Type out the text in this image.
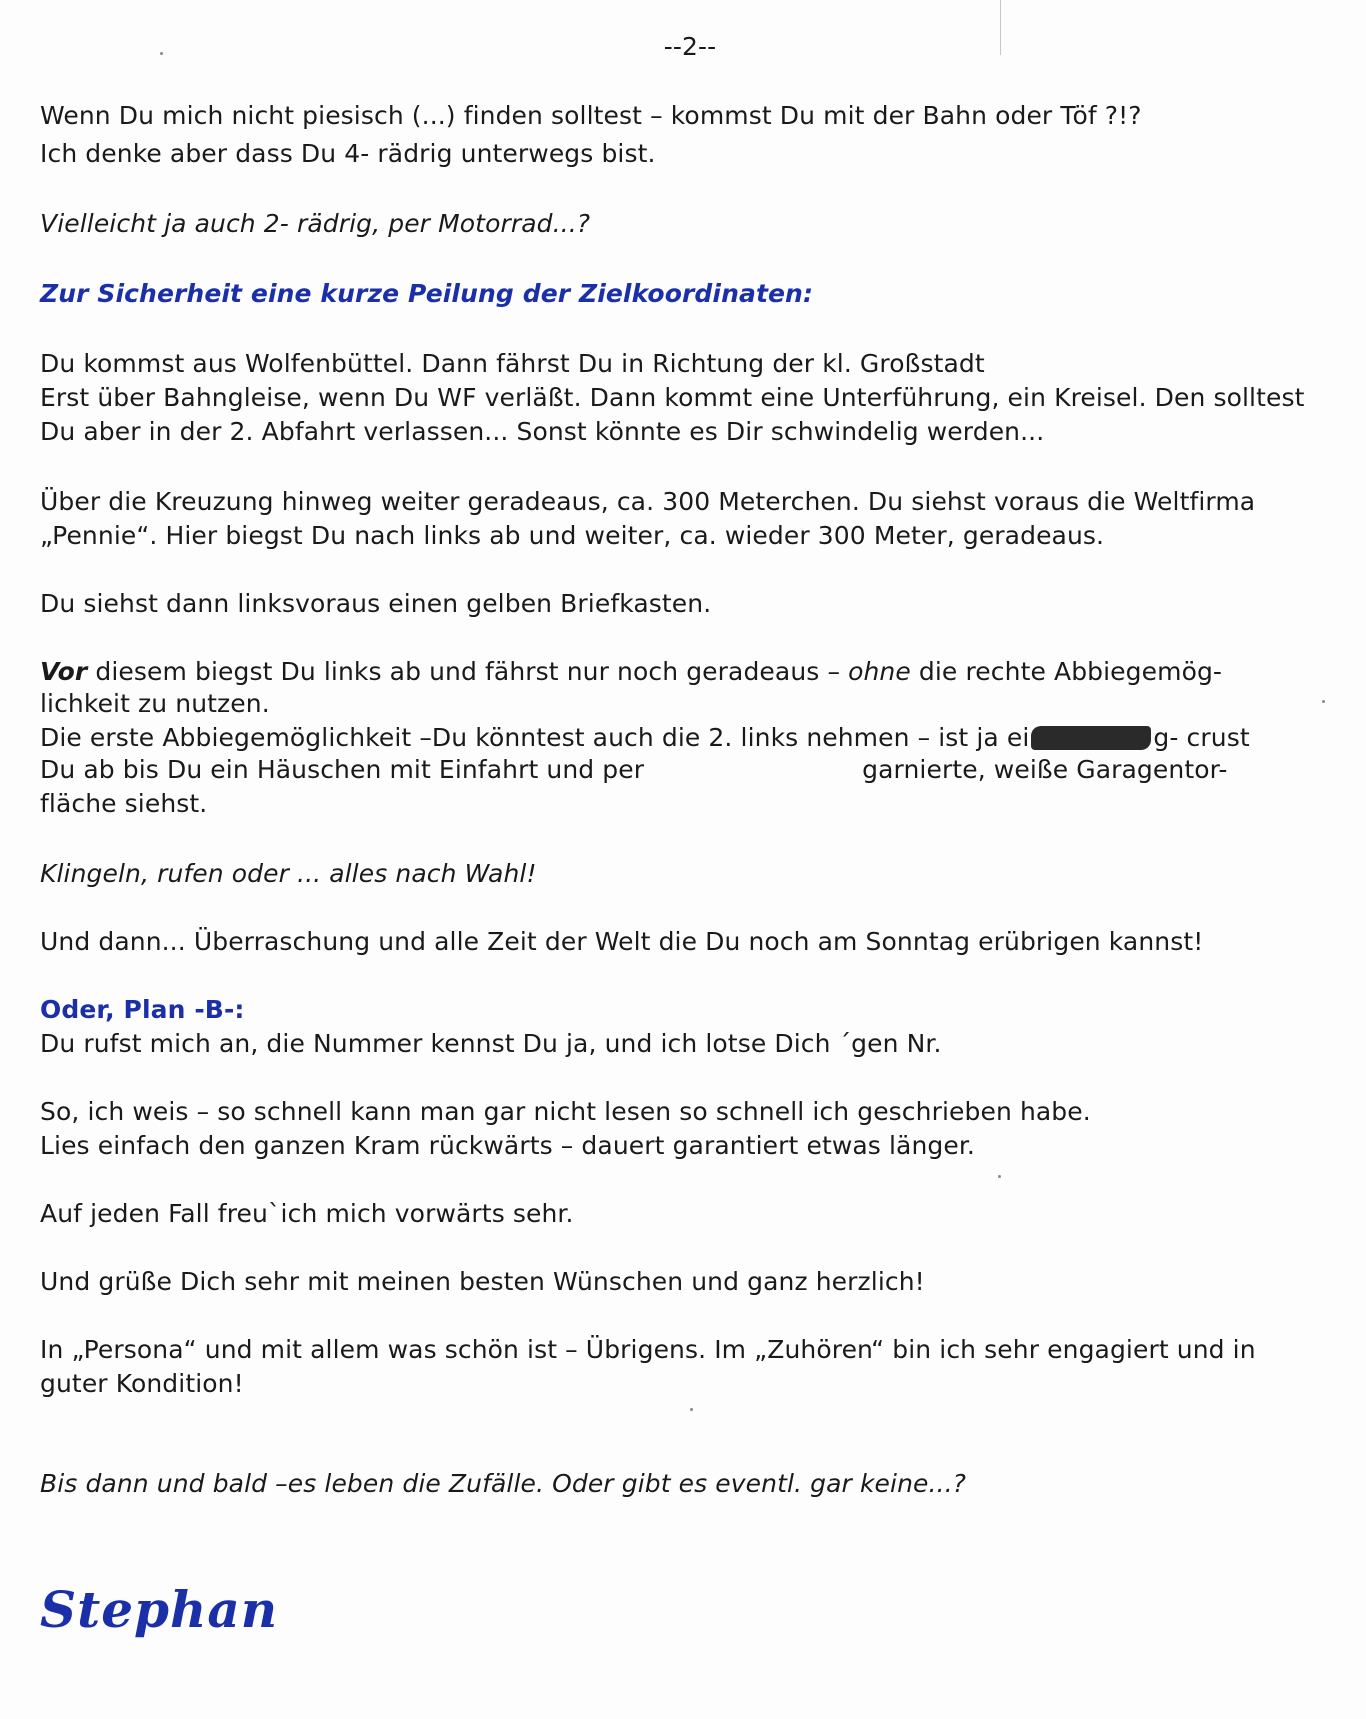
--2--
Wenn Du mich nicht piesisch (...) finden solltest – kommst Du mit der Bahn oder Töf ?!?
Ich denke aber dass Du 4- rädrig unterwegs bist.
Vielleicht ja auch 2- rädrig, per Motorrad...?
Zur Sicherheit eine kurze Peilung der Zielkoordinaten:
Du kommst aus Wolfenbüttel. Dann fährst Du in Richtung der kl. Großstadt
Erst über Bahngleise, wenn Du WF verläßt. Dann kommt eine Unterführung, ein Kreisel. Den solltest
Du aber in der 2. Abfahrt verlassen... Sonst könnte es Dir schwindelig werden...
Über die Kreuzung hinweg weiter geradeaus, ca. 300 Meterchen. Du siehst voraus die Weltfirma
„Pennie“. Hier biegst Du nach links ab und weiter, ca. wieder 300 Meter, geradeaus.
Du siehst dann linksvoraus einen gelben Briefkasten.
Vor diesem biegst Du links ab und fährst nur noch geradeaus – ohne die rechte Abbiegemög-
lichkeit zu nutzen.
Die erste Abbiegemöglichkeit –Du könntest auch die 2. links nehmen – ist ja ei	g- crust
Du ab bis Du ein Häuschen mit Einfahrt und per	garnierte, weiße Garagentor-
fläche siehst.
Klingeln, rufen oder ... alles nach Wahl!
Und dann... Überraschung und alle Zeit der Welt die Du noch am Sonntag erübrigen kannst!
Oder, Plan -B-:
Du rufst mich an, die Nummer kennst Du ja, und ich lotse Dich ´gen Nr.
So, ich weis – so schnell kann man gar nicht lesen so schnell ich geschrieben habe.
Lies einfach den ganzen Kram rückwärts – dauert garantiert etwas länger.
Auf jeden Fall freu`ich mich vorwärts sehr.
Und grüße Dich sehr mit meinen besten Wünschen und ganz herzlich!
In „Persona“ und mit allem was schön ist – Übrigens. Im „Zuhören“ bin ich sehr engagiert und in
guter Kondition!
Bis dann und bald –es leben die Zufälle. Oder gibt es eventl. gar keine...?
Stephan
